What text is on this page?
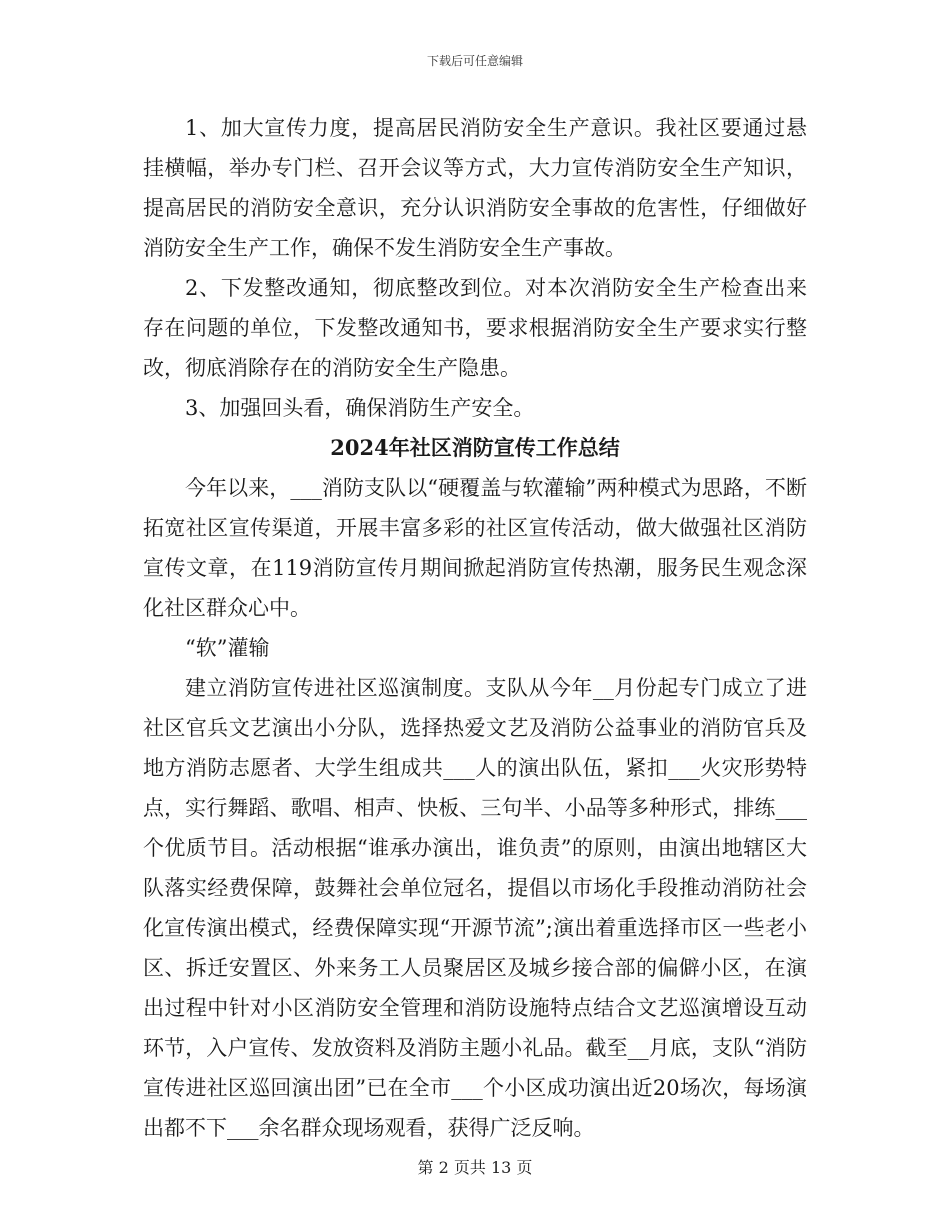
下载后可任意编辑

1、加大宣传力度，提高居民消防安全生产意识。我社区要通过悬挂横幅，举办专门栏、召开会议等方式，大力宣传消防安全生产知识，提高居民的消防安全意识，充分认识消防安全事故的危害性，仔细做好消防安全生产工作，确保不发生消防安全生产事故。

2、下发整改通知，彻底整改到位。对本次消防安全生产检查出来存在问题的单位，下发整改通知书，要求根据消防安全生产要求实行整改，彻底消除存在的消防安全生产隐患。

3、加强回头看，确保消防生产安全。

2024年社区消防宣传工作总结

今年以来，___消防支队以“硬覆盖与软灌输”两种模式为思路，不断拓宽社区宣传渠道，开展丰富多彩的社区宣传活动，做大做强社区消防宣传文章，在119消防宣传月期间掀起消防宣传热潮，服务民生观念深化社区群众心中。

“软”灌输

建立消防宣传进社区巡演制度。支队从今年__月份起专门成立了进社区官兵文艺演出小分队，选择热爱文艺及消防公益事业的消防官兵及地方消防志愿者、大学生组成共___人的演出队伍，紧扣___火灾形势特点，实行舞蹈、歌唱、相声、快板、三句半、小品等多种形式，排练___个优质节目。活动根据“谁承办演出，谁负责”的原则，由演出地辖区大队落实经费保障，鼓舞社会单位冠名，提倡以市场化手段推动消防社会化宣传演出模式，经费保障实现“开源节流”;演出着重选择市区一些老小区、拆迁安置区、外来务工人员聚居区及城乡接合部的偏僻小区，在演出过程中针对小区消防安全管理和消防设施特点结合文艺巡演增设互动环节，入户宣传、发放资料及消防主题小礼品。截至__月底，支队“消防宣传进社区巡回演出团”已在全市___个小区成功演出近20场次，每场演出都不下___余名群众现场观看，获得广泛反响。

第 2 页共 13 页
